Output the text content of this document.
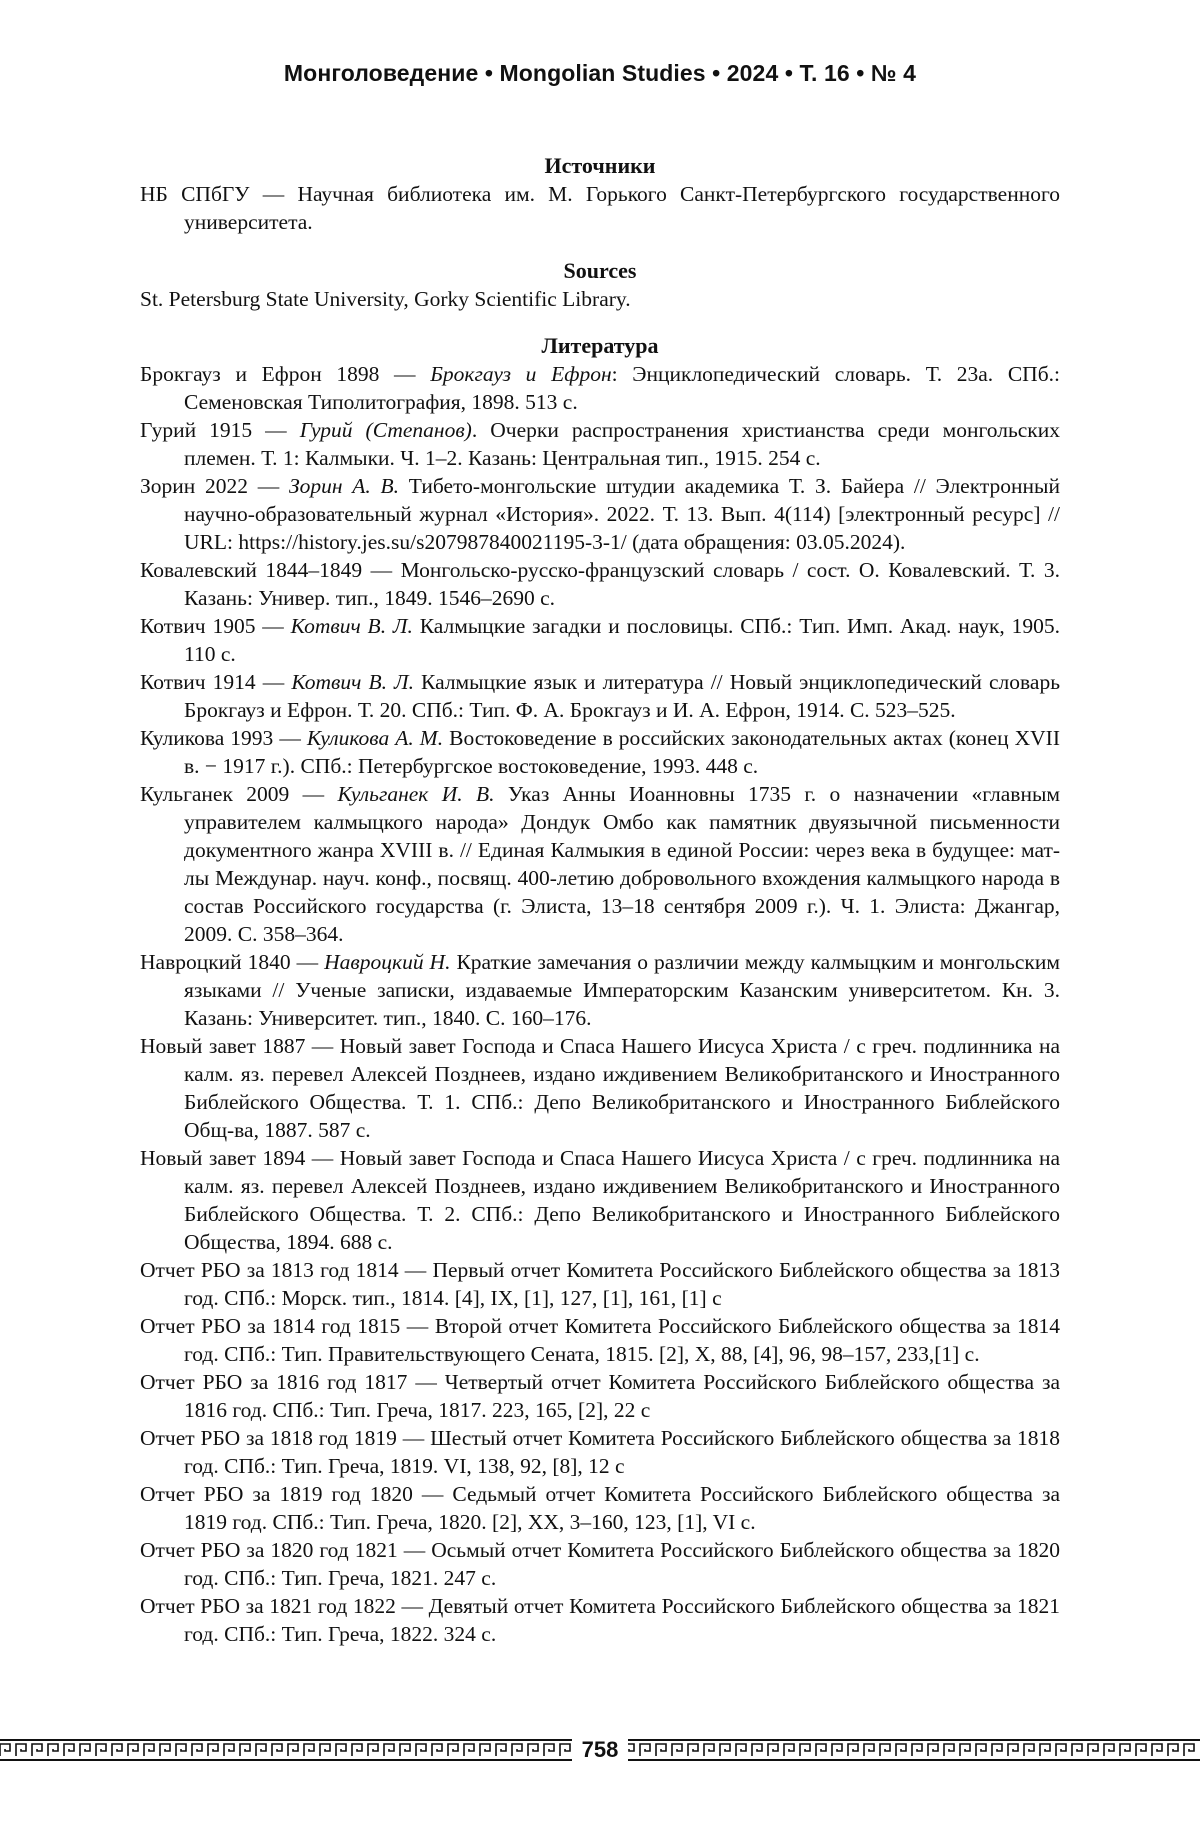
Монголоведение • Mongolian Studies • 2024 • Т. 16 • № 4
Источники
НБ СПбГУ — Научная библиотека им. М. Горького Санкт-Петербургского государственного университета.
Sources
St. Petersburg State University, Gorky Scientific Library.
Литература
Брокгауз и Ефрон 1898 — Брокгауз и Ефрон: Энциклопедический словарь. Т. 23а. СПб.: Семеновская Типолитография, 1898. 513 с.
Гурий 1915 — Гурий (Степанов). Очерки распространения христианства среди монгольских племен. Т. 1: Калмыки. Ч. 1–2. Казань: Центральная тип., 1915. 254 с.
Зорин 2022 — Зорин А. В. Тибето-монгольские штудии академика Т. З. Байера // Электронный научно-образовательный журнал «История». 2022. Т. 13. Вып. 4(114) [электронный ресурс] // URL: https://history.jes.su/s207987840021195-3-1/ (дата обращения: 03.05.2024).
Ковалевский 1844–1849 — Монгольско-русско-французский словарь / сост. О. Ковалевский. Т. 3. Казань: Универ. тип., 1849. 1546–2690 с.
Котвич 1905 — Котвич В. Л. Калмыцкие загадки и пословицы. СПб.: Тип. Имп. Акад. наук, 1905. 110 с.
Котвич 1914 — Котвич В. Л. Калмыцкие язык и литература // Новый энциклопедический словарь Брокгауз и Ефрон. Т. 20. СПб.: Тип. Ф. А. Брокгауз и И. А. Ефрон, 1914. С. 523–525.
Куликова 1993 — Куликова А. М. Востоковедение в российских законодательных актах (конец XVII в. − 1917 г.). СПб.: Петербургское востоковедение, 1993. 448 с.
Кульганек 2009 — Кульганек И. В. Указ Анны Иоанновны 1735 г. о назначении «главным управителем калмыцкого народа» Дондук Омбо как памятник двуязычной письменности документного жанра XVIII в. // Единая Калмыкия в единой России: через века в будущее: мат-лы Междунар. науч. конф., посвящ. 400-летию добровольного вхождения калмыцкого народа в состав Российского государства (г. Элиста, 13–18 сентября 2009 г.). Ч. 1. Элиста: Джангар, 2009. С. 358–364.
Навроцкий 1840 — Навроцкий Н. Краткие замечания о различии между калмыцким и монгольским языками // Ученые записки, издаваемые Императорским Казанским университетом. Кн. 3. Казань: Университет. тип., 1840. С. 160–176.
Новый завет 1887 — Новый завет Господа и Спаса Нашего Иисуса Христа / с греч. подлинника на калм. яз. перевел Алексей Позднеев, издано иждивением Великобританского и Иностранного Библейского Общества. Т. 1. СПб.: Депо Великобританского и Иностранного Библейского Общ-ва, 1887. 587 с.
Новый завет 1894 — Новый завет Господа и Спаса Нашего Иисуса Христа / с греч. подлинника на калм. яз. перевел Алексей Позднеев, издано иждивением Великобританского и Иностранного Библейского Общества. Т. 2. СПб.: Депо Великобританского и Иностранного Библейского Общества, 1894. 688 с.
Отчет РБО за 1813 год 1814 — Первый отчет Комитета Российского Библейского общества за 1813 год. СПб.: Морск. тип., 1814. [4], IX, [1], 127, [1], 161, [1] с
Отчет РБО за 1814 год 1815 — Второй отчет Комитета Российского Библейского общества за 1814 год. СПб.: Тип. Правительствующего Сената, 1815. [2], X, 88, [4], 96, 98–157, 233,[1] с.
Отчет РБО за 1816 год 1817 — Четвертый отчет Комитета Российского Библейского общества за 1816 год. СПб.: Тип. Греча, 1817. 223, 165, [2], 22 с
Отчет РБО за 1818 год 1819 — Шестый отчет Комитета Российского Библейского общества за 1818 год. СПб.: Тип. Греча, 1819. VI, 138, 92, [8], 12 с
Отчет РБО за 1819 год 1820 — Седьмый отчет Комитета Российского Библейского общества за 1819 год. СПб.: Тип. Греча, 1820. [2], XX, 3–160, 123, [1], VI с.
Отчет РБО за 1820 год 1821 — Осьмый отчет Комитета Российского Библейского общества за 1820 год. СПб.: Тип. Греча, 1821. 247 с.
Отчет РБО за 1821 год 1822 — Девятый отчет Комитета Российского Библейского общества за 1821 год. СПб.: Тип. Греча, 1822. 324 с.
758
